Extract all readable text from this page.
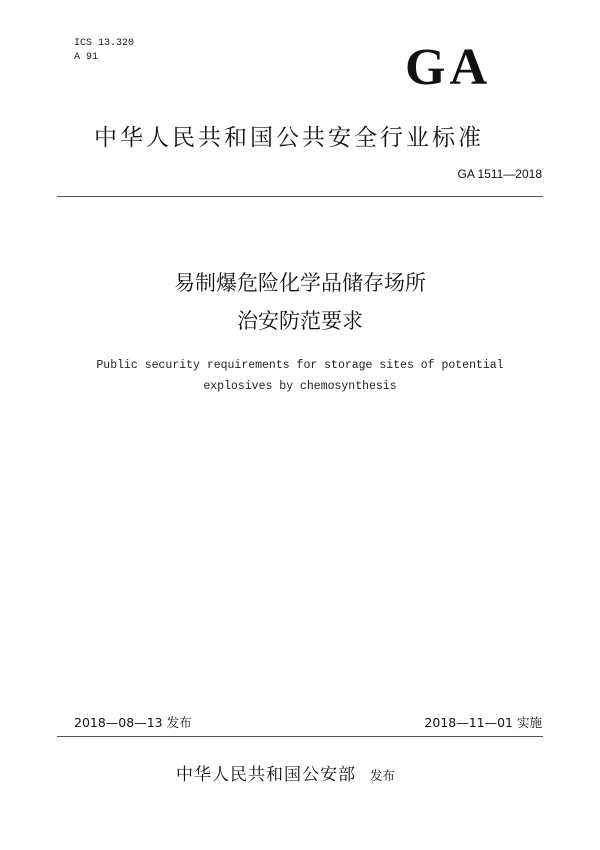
ICS 13.320
A 91	GA
中华人民共和国公共安全行业标准
GA 1511—2018
易制爆危险化学品储存场所
治安防范要求
Public security requirements for storage sites of potential
explosives by chemosynthesis
2018—08—13 发布	2018—11—01 实施
中华人民共和国公安部 发布
